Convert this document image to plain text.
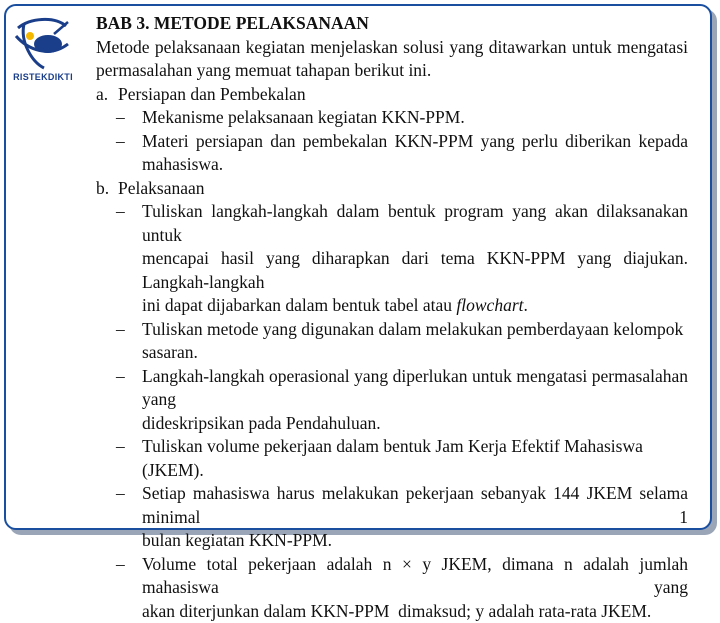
RISTEKDIKTI

BAB 3. METODE PELAKSANAAN

Metode pelaksanaan kegiatan menjelaskan solusi yang ditawarkan untuk mengatasi
permasalahan yang memuat tahapan berikut ini.

a. Persiapan dan Pembekalan
– Mekanisme pelaksanaan kegiatan KKN-PPM.
– Materi persiapan dan pembekalan KKN-PPM yang perlu diberikan kepada
mahasiswa.
b. Pelaksanaan
– Tuliskan langkah-langkah dalam bentuk program yang akan dilaksanakan untuk
mencapai hasil yang diharapkan dari tema KKN-PPM yang diajukan. Langkah-langkah
ini dapat dijabarkan dalam bentuk tabel atau flowchart.
– Tuliskan metode yang digunakan dalam melakukan pemberdayaan kelompok sasaran.
– Langkah-langkah operasional yang diperlukan untuk mengatasi permasalahan yang
dideskripsikan pada Pendahuluan.
– Tuliskan volume pekerjaan dalam bentuk Jam Kerja Efektif Mahasiswa (JKEM).
– Setiap mahasiswa harus melakukan pekerjaan sebanyak 144 JKEM selama minimal 1
bulan kegiatan KKN-PPM.
– Volume total pekerjaan adalah n × y JKEM, dimana n adalah jumlah   mahasiswa yang
akan diterjunkan dalam KKN-PPM  dimaksud; y adalah rata-rata JKEM.
